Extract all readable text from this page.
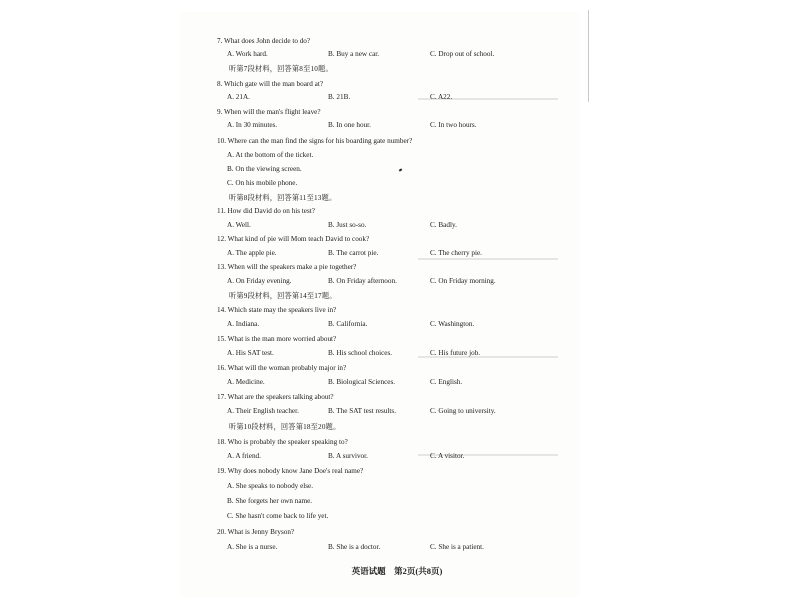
7. What does John decide to do?
A. Work hard.	B. Buy a new car.	C. Drop out of school.
听第7段材料，回答第8至10题。
8. Which gate will the man board at?
A. 21A.	B. 21B.	C. A22.
9. When will the man's flight leave?
A. In 30 minutes.	B. In one hour.	C. In two hours.
10. Where can the man find the signs for his boarding gate number?
A. At the bottom of the ticket.
B. On the viewing screen.
C. On his mobile phone.
听第8段材料，回答第11至13题。
11. How did David do on his test?
A. Well.	B. Just so-so.	C. Badly.
12. What kind of pie will Mom teach David to cook?
A. The apple pie.	B. The carrot pie.	C. The cherry pie.
13. When will the speakers make a pie together?
A. On Friday evening.	B. On Friday afternoon.	C. On Friday morning.
听第9段材料，回答第14至17题。
14. Which state may the speakers live in?
A. Indiana.	B. California.	C. Washington.
15. What is the man more worried about?
A. His SAT test.	B. His school choices.	C. His future job.
16. What will the woman probably major in?
A. Medicine.	B. Biological Sciences.	C. English.
17. What are the speakers talking about?
A. Their English teacher.	B. The SAT test results.	C. Going to university.
听第10段材料，回答第18至20题。
18. Who is probably the speaker speaking to?
A. A friend.	B. A survivor.	C. A visitor.
19. Why does nobody know Jane Doe's real name?
A. She speaks to nobody else.
B. She forgets her own name.
C. She hasn't come back to life yet.
20. What is Jenny Bryson?
A. She is a nurse.	B. She is a doctor.	C. She is a patient.
英语试题　第2页(共8页)
